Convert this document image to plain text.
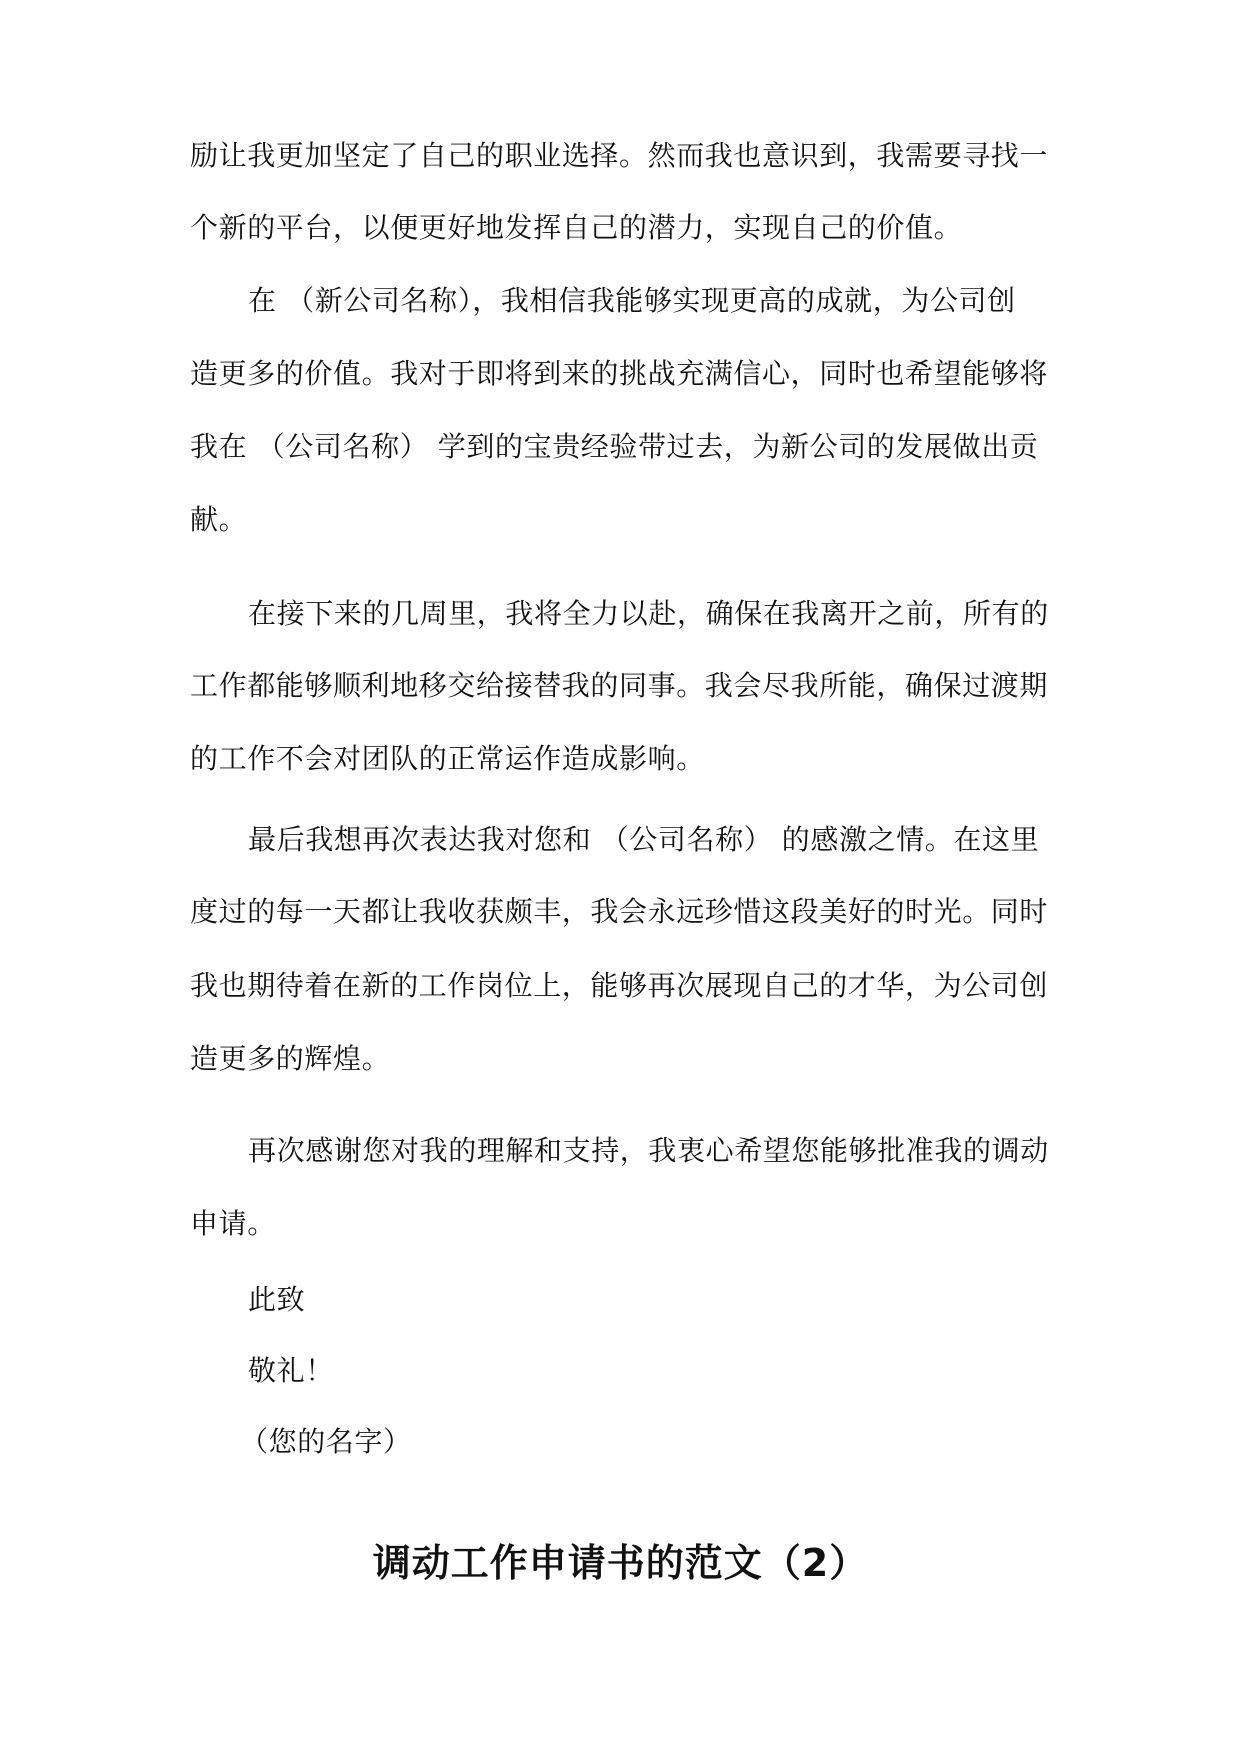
励让我更加坚定了自己的职业选择。然而我也意识到，我需要寻找一
个新的平台，以便更好地发挥自己的潜力，实现自己的价值。
在 （新公司名称），我相信我能够实现更高的成就，为公司创
造更多的价值。我对于即将到来的挑战充满信心，同时也希望能够将
我在 （公司名称） 学到的宝贵经验带过去，为新公司的发展做出贡
献。
在接下来的几周里，我将全力以赴，确保在我离开之前，所有的
工作都能够顺利地移交给接替我的同事。我会尽我所能，确保过渡期
的工作不会对团队的正常运作造成影响。
最后我想再次表达我对您和 （公司名称） 的感激之情。在这里
度过的每一天都让我收获颇丰，我会永远珍惜这段美好的时光。同时
我也期待着在新的工作岗位上，能够再次展现自己的才华，为公司创
造更多的辉煌。
再次感谢您对我的理解和支持，我衷心希望您能够批准我的调动
申请。
此致
敬礼！
（您的名字）
调动工作申请书的范文（2）
